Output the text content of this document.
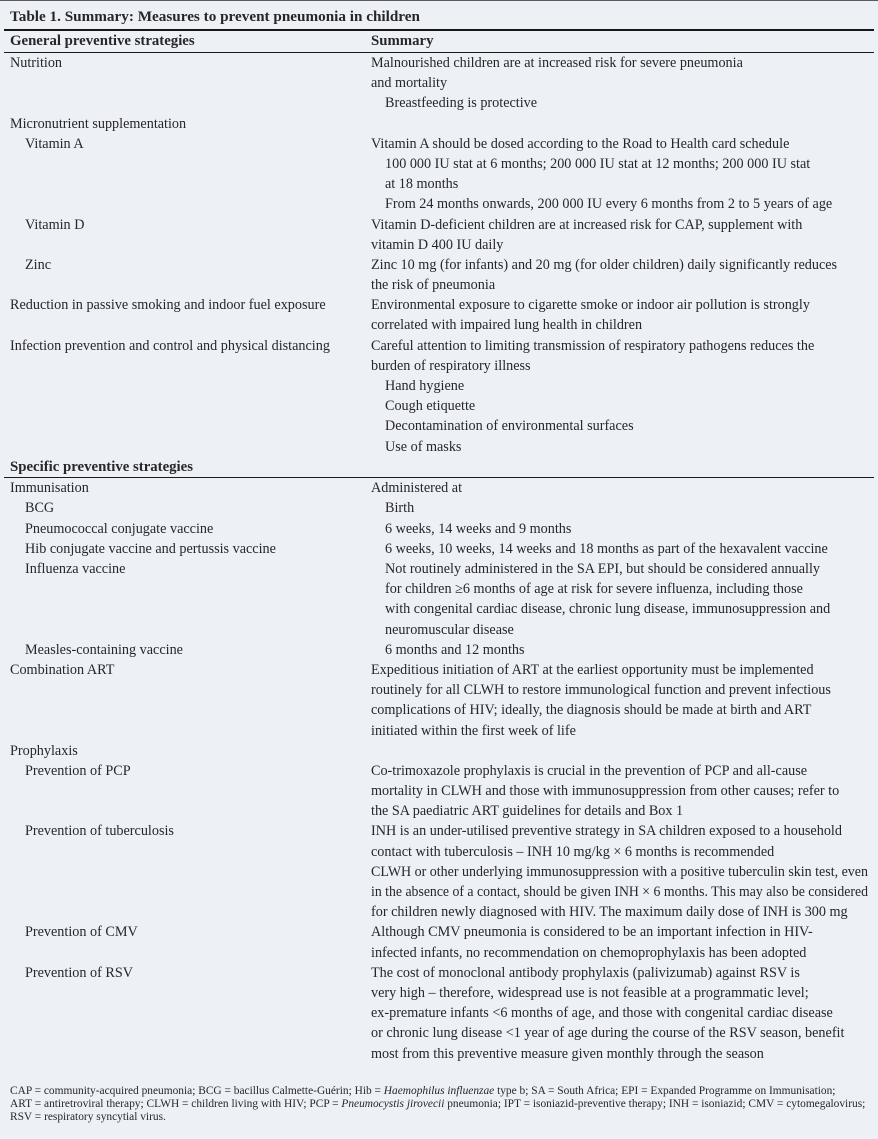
Table 1. Summary: Measures to prevent pneumonia in children
General preventive strategies	Summary
Nutrition	Malnourished children are at increased risk for severe pneumonia
and mortality
Breastfeeding is protective
Micronutrient supplementation
Vitamin A	Vitamin A should be dosed according to the Road to Health card schedule
100 000 IU stat at 6 months; 200 000 IU stat at 12 months; 200 000 IU stat
at 18 months
From 24 months onwards, 200 000 IU every 6 months from 2 to 5 years of age
Vitamin D	Vitamin D-deficient children are at increased risk for CAP, supplement with
vitamin D 400 IU daily
Zinc	Zinc 10 mg (for infants) and 20 mg (for older children) daily significantly reduces
the risk of pneumonia
Reduction in passive smoking and indoor fuel exposure	Environmental exposure to cigarette smoke or indoor air pollution is strongly
correlated with impaired lung health in children
Infection prevention and control and physical distancing	Careful attention to limiting transmission of respiratory pathogens reduces the
burden of respiratory illness
Hand hygiene
Cough etiquette
Decontamination of environmental surfaces
Use of masks
Specific preventive strategies
Immunisation	Administered at
BCG	Birth
Pneumococcal conjugate vaccine	6 weeks, 14 weeks and 9 months
Hib conjugate vaccine and pertussis vaccine	6 weeks, 10 weeks, 14 weeks and 18 months as part of the hexavalent vaccine
Influenza vaccine	Not routinely administered in the SA EPI, but should be considered annually
for children ≥6 months of age at risk for severe influenza, including those
with congenital cardiac disease, chronic lung disease, immunosuppression and
neuromuscular disease
Measles-containing vaccine	6 months and 12 months
Combination ART	Expeditious initiation of ART at the earliest opportunity must be implemented
routinely for all CLWH to restore immunological function and prevent infectious
complications of HIV; ideally, the diagnosis should be made at birth and ART
initiated within the first week of life
Prophylaxis
Prevention of PCP	Co-trimoxazole prophylaxis is crucial in the prevention of PCP and all-cause
mortality in CLWH and those with immunosuppression from other causes; refer to
the SA paediatric ART guidelines for details and Box 1
Prevention of tuberculosis	INH is an under-utilised preventive strategy in SA children exposed to a household
contact with tuberculosis – INH 10 mg/kg × 6 months is recommended
CLWH or other underlying immunosuppression with a positive tuberculin skin test, even
in the absence of a contact, should be given INH × 6 months. This may also be considered
for children newly diagnosed with HIV. The maximum daily dose of INH is 300 mg
Prevention of CMV	Although CMV pneumonia is considered to be an important infection in HIV-
infected infants, no recommendation on chemoprophylaxis has been adopted
Prevention of RSV	The cost of monoclonal antibody prophylaxis (palivizumab) against RSV is
very high – therefore, widespread use is not feasible at a programmatic level;
ex-premature infants <6 months of age, and those with congenital cardiac disease
or chronic lung disease <1 year of age during the course of the RSV season, benefit
most from this preventive measure given monthly through the season
CAP = community-acquired pneumonia; BCG = bacillus Calmette-Guérin; Hib = Haemophilus influenzae type b; SA = South Africa; EPI = Expanded Programme on Immunisation;
ART = antiretroviral therapy; CLWH = children living with HIV; PCP = Pneumocystis jirovecii pneumonia; IPT = isoniazid-preventive therapy; INH = isoniazid; CMV = cytomegalovirus;
RSV = respiratory syncytial virus.
